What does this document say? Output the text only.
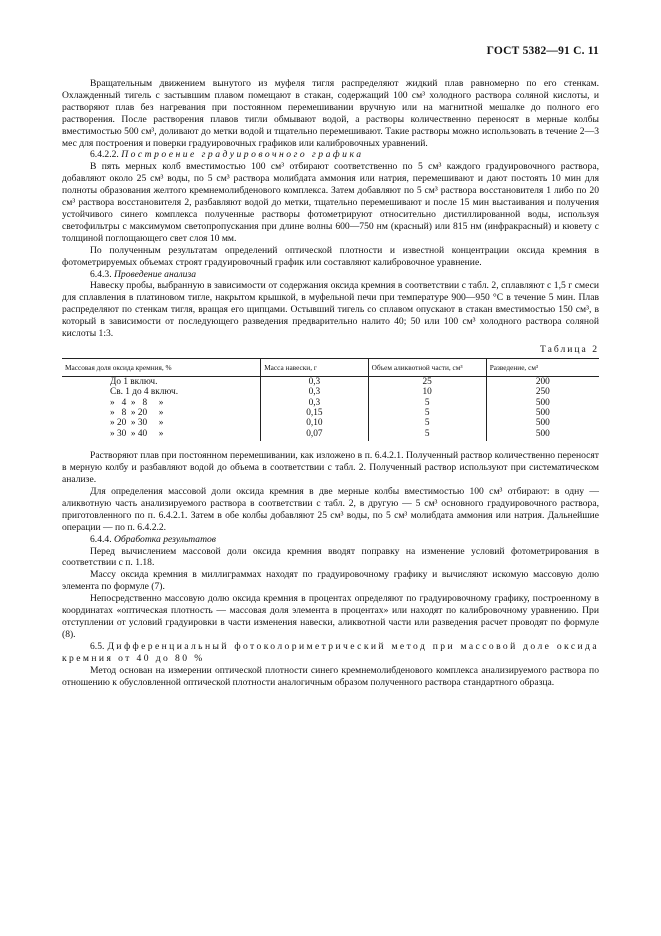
ГОСТ 5382—91 С. 11

Вращательным движением вынутого из муфеля тигля распределяют жидкий плав равномерно по его стенкам. Охлажденный тигель с застывшим плавом помещают в стакан, содержащий 100 см³ холодного раствора соляной кислоты, и растворяют плав без нагревания при постоянном перемешивании вручную или на магнитной мешалке до полного его растворения. После растворения плавов тигли обмывают водой, а растворы количественно переносят в мерные колбы вместимостью 500 см³, доливают до метки водой и тщательно перемешивают. Такие растворы можно использовать в течение 2—3 мес для построения и поверки градуировочных графиков или калибровочных уравнений.

6.4.2.2. Построение градуировочного графика

В пять мерных колб вместимостью 100 см³ отбирают соответственно по 5 см³ каждого градуировочного раствора, добавляют около 25 см³ воды, по 5 см³ раствора молибдата аммония или натрия, перемешивают и дают постоять 10 мин для полноты образования желтого кремнемолибденового комплекса. Затем добавляют по 5 см³ раствора восстановителя 1 либо по 20 см³ раствора восстановителя 2, разбавляют водой до метки, тщательно перемешивают и после 15 мин выстаивания и получения устойчивого синего комплекса полученные растворы фотометрируют относительно дистиллированной воды, используя светофильтры с максимумом светопропускания при длине волны 600—750 нм (красный) или 815 нм (инфракрасный) и кювету с толщиной поглощающего свет слоя 10 мм.

По полученным результатам определений оптической плотности и известной концентрации оксида кремния в фотометрируемых объемах строят градуировочный график или составляют калибровочное уравнение.

6.4.3. Проведение анализа

Навеску пробы, выбранную в зависимости от содержания оксида кремния в соответствии с табл. 2, сплавляют с 1,5 г смеси для сплавления в платиновом тигле, накрытом крышкой, в муфельной печи при температуре 900—950 °С в течение 5 мин. Плав распределяют по стенкам тигля, вращая его щипцами. Остывший тигель со сплавом опускают в стакан вместимостью 150 см³, в который в зависимости от последующего разведения предварительно налито 40; 50 или 100 см³ холодного раствора соляной кислоты 1:3.

Таблица 2
Массовая доля оксида кремния, %	Масса навески, г	Объем аликвотной части, см³	Разведение, см³
До 1 включ.	0,3	25	200
Св. 1 до 4 включ.	0,3	10	250
»   4  »   8     »	0,3	5	500
»   8  » 20     »	0,15	5	500
» 20  » 30     »	0,10	5	500
» 30  » 40     »	0,07	5	500

Растворяют плав при постоянном перемешивании, как изложено в п. 6.4.2.1. Полученный раствор количественно переносят в мерную колбу и разбавляют водой до объема в соответствии с табл. 2. Полученный раствор используют при систематическом анализе.

Для определения массовой доли оксида кремния в две мерные колбы вместимостью 100 см³ отбирают: в одну — аликвотную часть анализируемого раствора в соответствии с табл. 2, в другую — 5 см³ основного градуировочного раствора, приготовленного по п. 6.4.2.1. Затем в обе колбы добавляют 25 см³ воды, по 5 см³ молибдата аммония или натрия. Дальнейшие операции — по п. 6.4.2.2.

6.4.4. Обработка результатов

Перед вычислением массовой доли оксида кремния вводят поправку на изменение условий фотометрирования в соответствии с п. 1.18.

Массу оксида кремния в миллиграммах находят по градуировочному графику и вычисляют искомую массовую долю элемента по формуле (7).

Непосредственно массовую долю оксида кремния в процентах определяют по градуировочному графику, построенному в координатах «оптическая плотность — массовая доля элемента в процентах» или находят по калибровочному уравнению. При отступлении от условий градуировки в части изменения навески, аликвотной части или разведения расчет проводят по формуле (8).

6.5. Дифференциальный фотоколориметрический метод при массовой доле оксида кремния от 40 до 80 %

Метод основан на измерении оптической плотности синего кремнемолибденового комплекса анализируемого раствора по отношению к обусловленной оптической плотности аналогичным образом полученного раствора стандартного образца.
